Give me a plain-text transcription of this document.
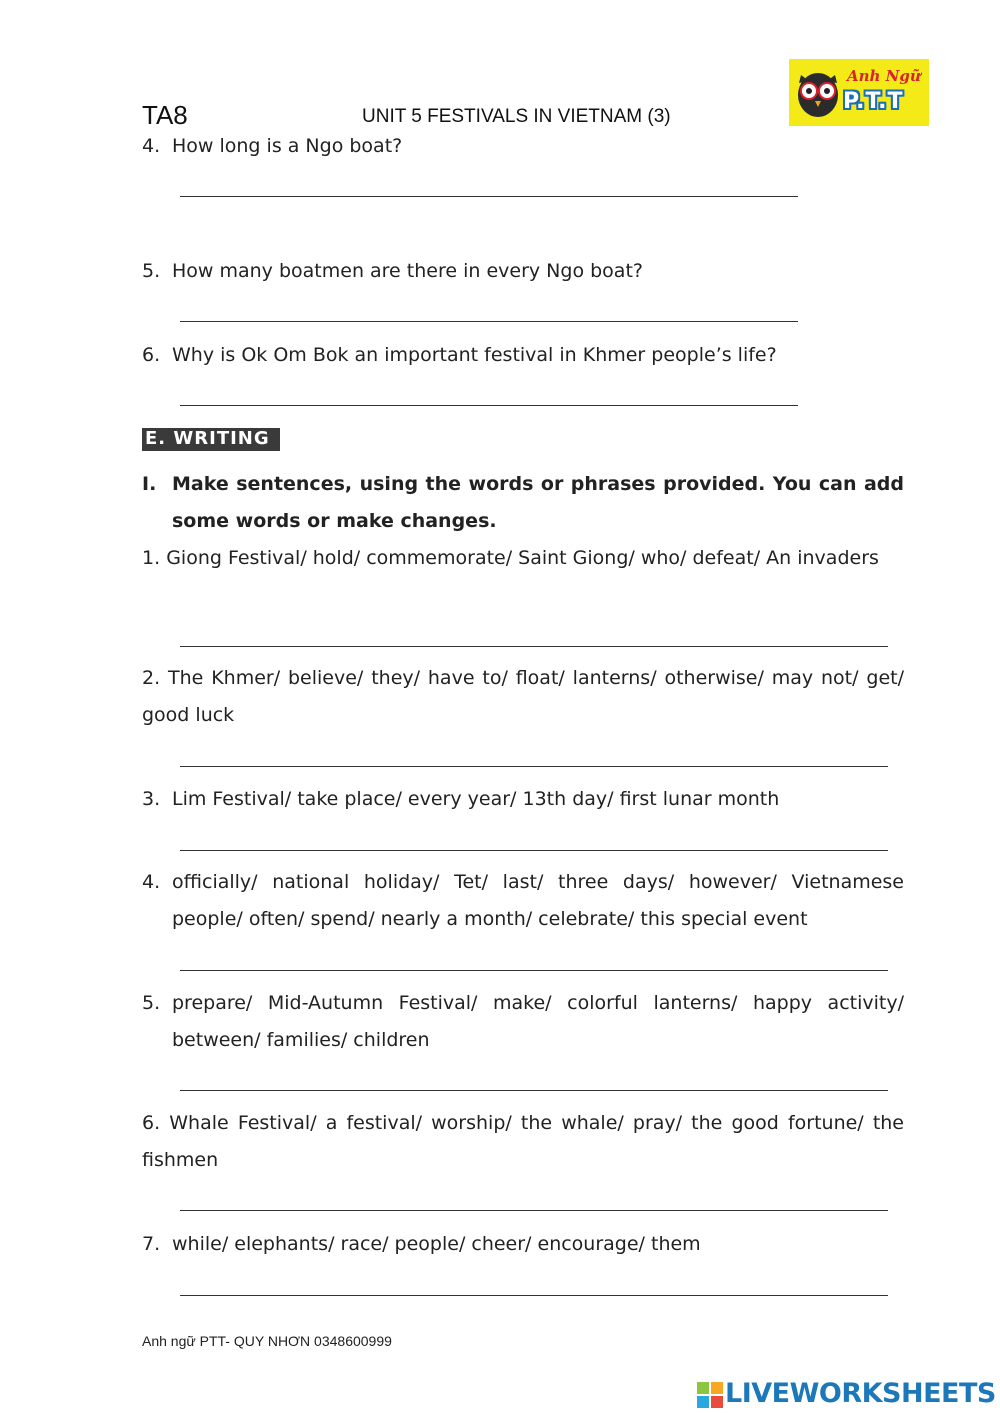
TA8	UNIT 5 FESTIVALS IN VIETNAM (3)
Anh Ngữ
P.T.T
4. How long is a Ngo boat?
5. How many boatmen are there in every Ngo boat?
6. Why is Ok Om Bok an important festival in Khmer people’s life?
E. WRITING
I. Make sentences, using the words or phrases provided. You can add some words or make changes.
1. Giong Festival/ hold/ commemorate/ Saint Giong/ who/ defeat/ An invaders
2. The Khmer/ believe/ they/ have to/ float/ lanterns/ otherwise/ may not/ get/ good luck
3. Lim Festival/ take place/ every year/ 13th day/ first lunar month
4. officially/ national holiday/ Tet/ last/ three days/ however/ Vietnamese people/ often/ spend/ nearly a month/ celebrate/ this special event
5. prepare/ Mid-Autumn Festival/ make/ colorful lanterns/ happy activity/ between/ families/ children
6. Whale Festival/ a festival/ worship/ the whale/ pray/ the good fortune/ the fishmen
7. while/ elephants/ race/ people/ cheer/ encourage/ them
Anh ngữ PTT- QUY NHƠN 0348600999
LIVEWORKSHEETS
